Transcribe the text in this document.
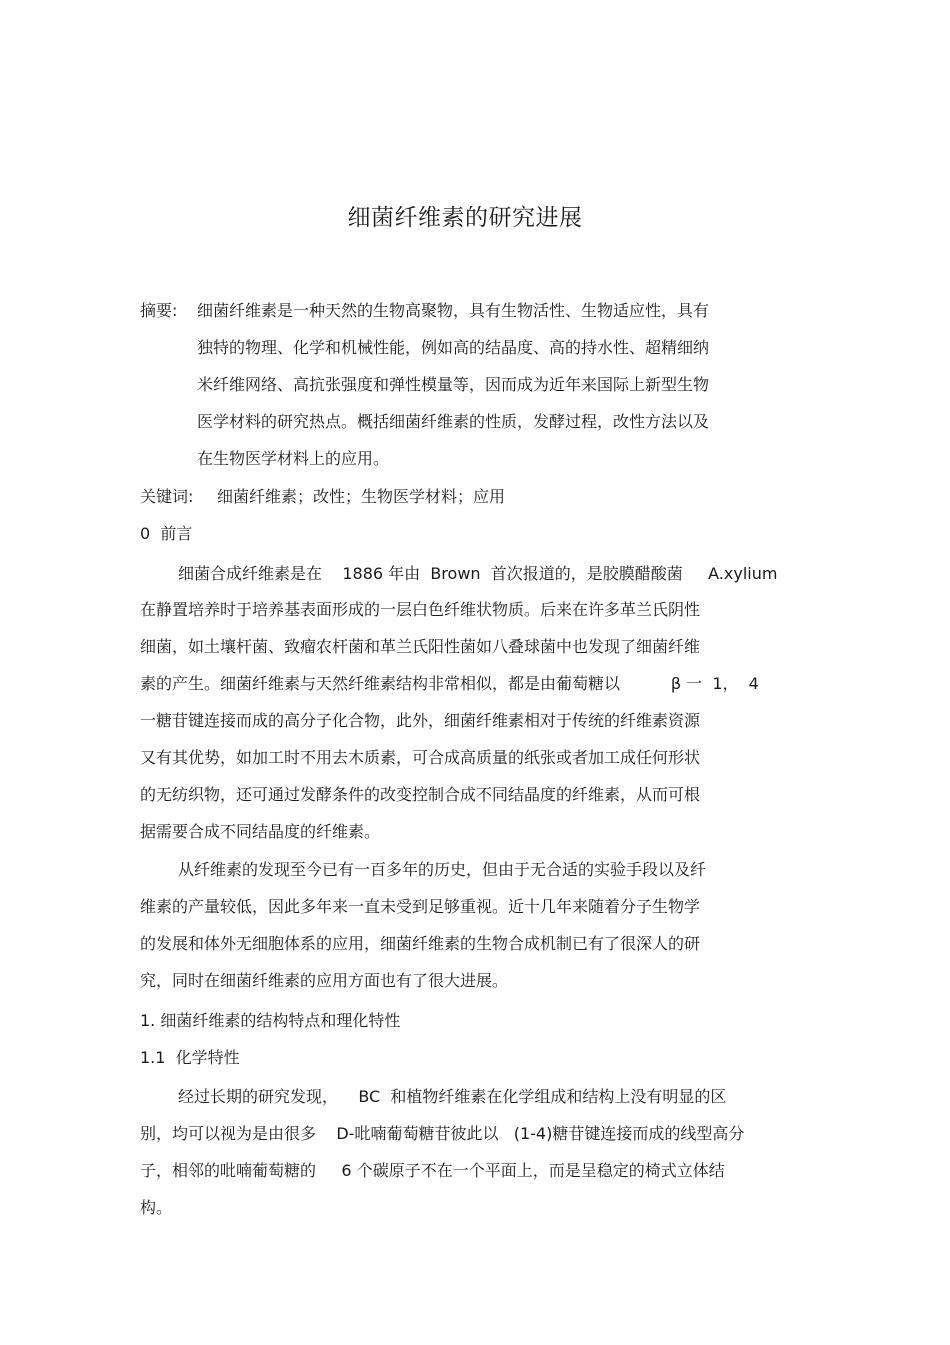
细菌纤维素的研究进展
摘要: 细菌纤维素是一种天然的生物高聚物，具有生物活性、生物适应性，具有
独特的物理、化学和机械性能，例如高的结晶度、高的持水性、超精细纳
米纤维网络、高抗张强度和弹性模量等，因而成为近年来国际上新型生物
医学材料的研究热点。概括细菌纤维素的性质，发酵过程，改性方法以及
在生物医学材料上的应用。
关键词: 细菌纤维素；改性；生物医学材料；应用
0  前言
细菌合成纤维素是在    1886 年由  Brown  首次报道的，是胶膜醋酸菌     A.xylium
在静置培养时于培养基表面形成的一层白色纤维状物质。后来在许多革兰氏阴性
细菌，如土壤杆菌、致瘤农杆菌和革兰氏阳性菌如八叠球菌中也发现了细菌纤维
素的产生。细菌纤维素与天然纤维素结构非常相似，都是由葡萄糖以          β 一  1，  4
一糖苷键连接而成的高分子化合物，此外，细菌纤维素相对于传统的纤维素资源
又有其优势，如加工时不用去木质素，可合成高质量的纸张或者加工成任何形状
的无纺织物，还可通过发酵条件的改变控制合成不同结晶度的纤维素，从而可根
据需要合成不同结晶度的纤维素。
从纤维素的发现至今已有一百多年的历史，但由于无合适的实验手段以及纤
维素的产量较低，因此多年来一直未受到足够重视。近十几年来随着分子生物学
的发展和体外无细胞体系的应用，细菌纤维素的生物合成机制已有了很深人的研
究，同时在细菌纤维素的应用方面也有了很大进展。
1. 细菌纤维素的结构特点和理化特性
1.1  化学特性
经过长期的研究发现，    BC  和植物纤维素在化学组成和结构上没有明显的区
别，均可以视为是由很多    D-吡喃葡萄糖苷彼此以   (1-4)糖苷键连接而成的线型高分
子，相邻的吡喃葡萄糖的     6 个碳原子不在一个平面上，而是呈稳定的椅式立体结
构。
